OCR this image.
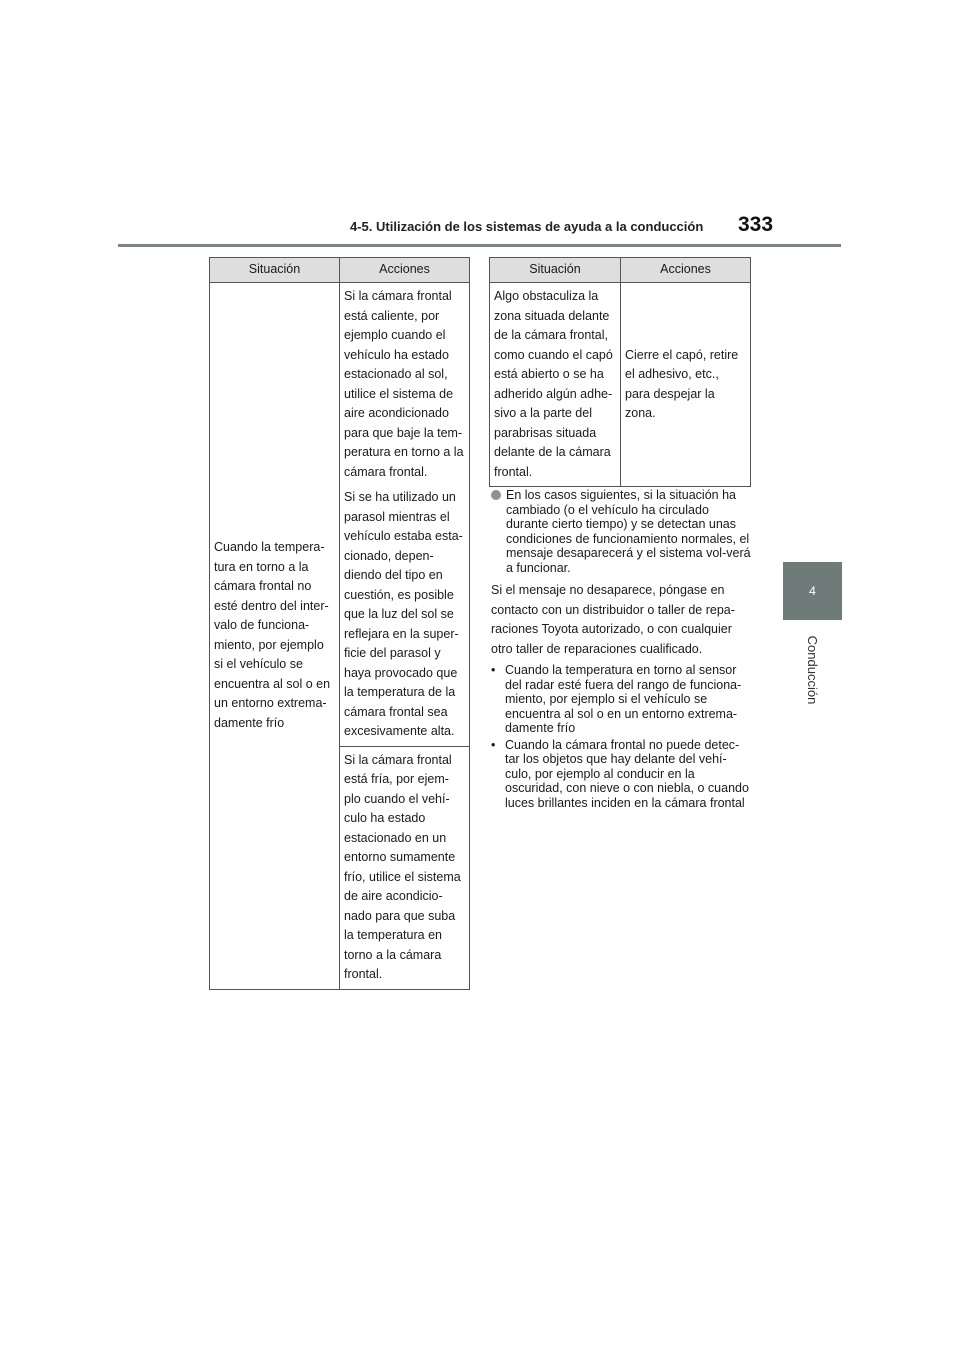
4-5. Utilización de los sistemas de ayuda a la conducción 333
4
Conducción
Situación	Acciones

Cuando la tempera-tura en torno a la cámara frontal no esté dentro del inter-valo de funciona-miento, por ejemplo si el vehículo se encuentra al sol o en un entorno extrema-damente frío	Si la cámara frontal está caliente, por ejemplo cuando el vehículo ha estado estacionado al sol, utilice el sistema de aire acondicionado para que baje la tem-peratura en torno a la cámara frontal.

Si se ha utilizado un parasol mientras el vehículo estaba esta-cionado, depen-diendo del tipo en cuestión, es posible que la luz del sol se reflejara en la super-ficie del parasol y haya provocado que la temperatura de la cámara frontal sea excesivamente alta.

	Si la cámara frontal está fría, por ejem-plo cuando el vehí-culo ha estado estacionado en un entorno sumamente frío, utilice el sistema de aire acondicio-nado para que suba la temperatura en torno a la cámara frontal.

Situación	Acciones

Algo obstaculiza la zona situada delante de la cámara frontal, como cuando el capó está abierto o se ha adherido algún adhe-sivo a la parte del parabrisas situada delante de la cámara frontal.	Cierre el capó, retire el adhesivo, etc., para despejar la zona.

En los casos siguientes, si la situación ha cambiado (o el vehículo ha circulado durante cierto tiempo) y se detectan unas condiciones de funcionamiento normales, el mensaje desaparecerá y el sistema vol-verá a funcionar.

Si el mensaje no desaparece, póngase en contacto con un distribuidor o taller de repa-raciones Toyota autorizado, o con cualquier otro taller de reparaciones cualificado.

• Cuando la temperatura en torno al sensor del radar esté fuera del rango de funciona-miento, por ejemplo si el vehículo se encuentra al sol o en un entorno extrema-damente frío
• Cuando la cámara frontal no puede detec-tar los objetos que hay delante del vehí-culo, por ejemplo al conducir en la oscuridad, con nieve o con niebla, o cuando luces brillantes inciden en la cámara frontal
